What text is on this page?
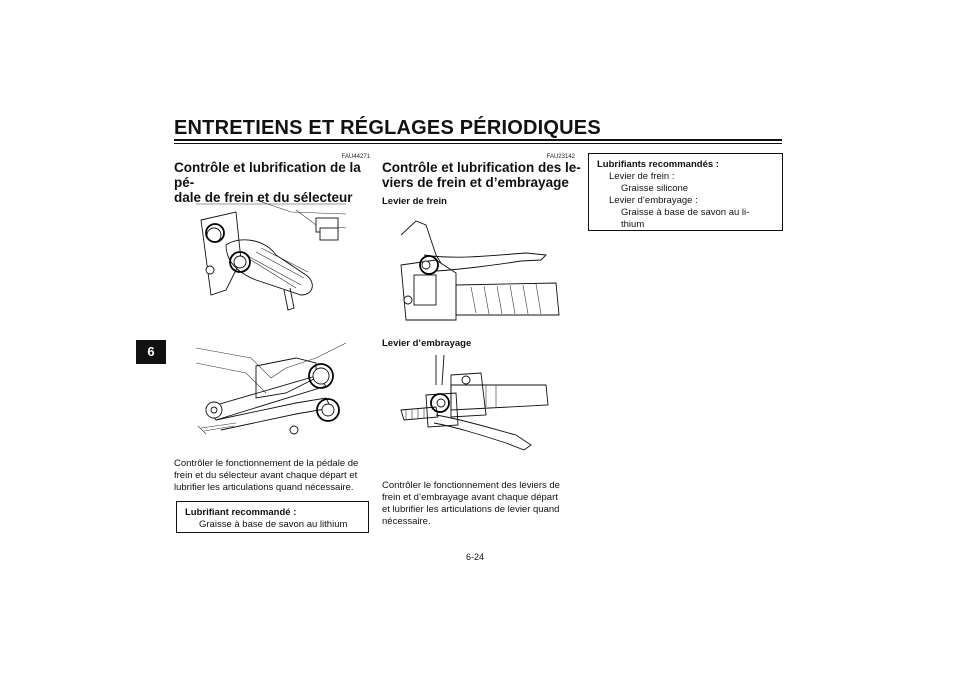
ENTRETIENS ET RÉGLAGES PÉRIODIQUES
6
FAU44271
Contrôle et lubrification de la pé-
dale de frein et du sélecteur
Contrôler le fonctionnement de la pédale de
frein et du sélecteur avant chaque départ et
lubrifier les articulations quand nécessaire.
Lubrifiant recommandé :
Graisse à base de savon au lithium
FAU23142
Contrôle et lubrification des le-
viers de frein et d’embrayage
Levier de frein
Levier d’embrayage
Contrôler le fonctionnement des leviers de
frein et d’embrayage avant chaque départ
et lubrifier les articulations de levier quand
nécessaire.
Lubrifiants recommandés :
Levier de frein :
Graisse silicone
Levier d’embrayage :
Graisse à base de savon au li-
thium
6-24
